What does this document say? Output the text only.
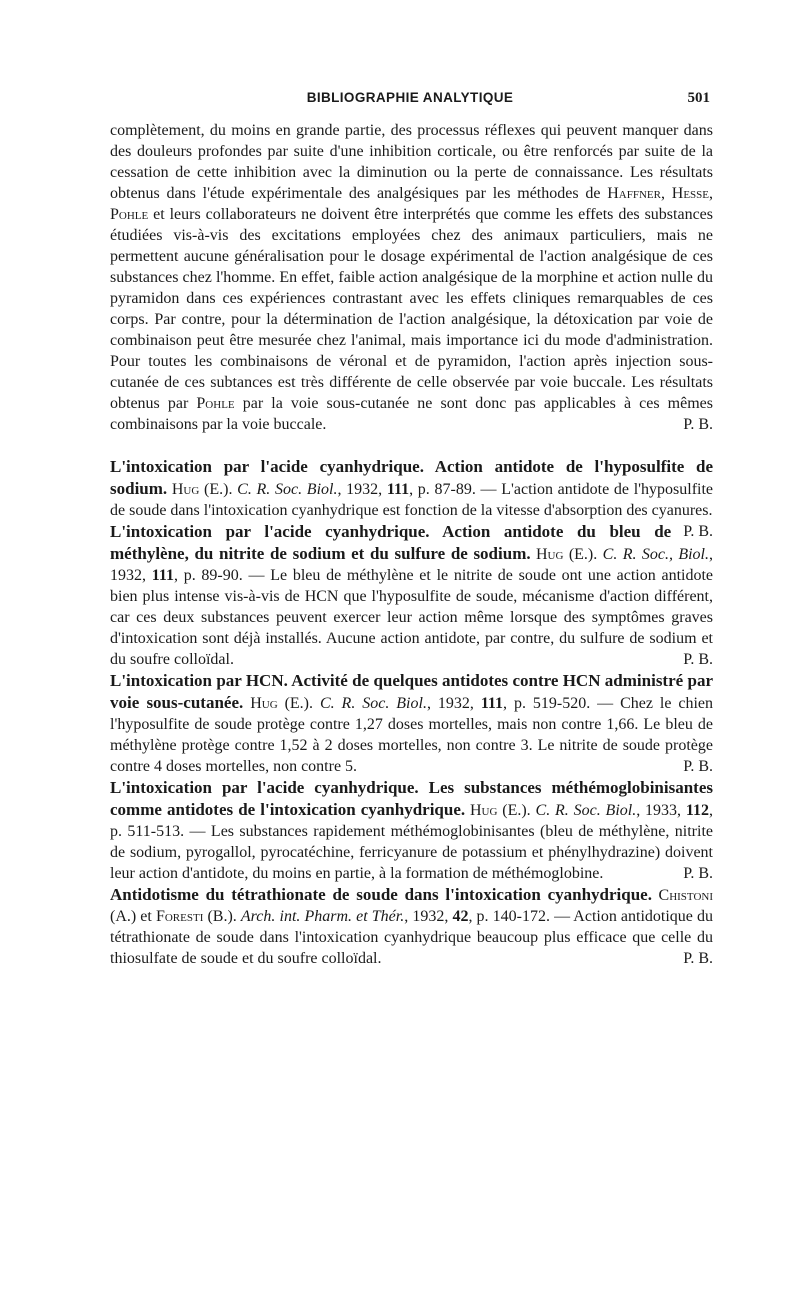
BIBLIOGRAPHIE ANALYTIQUE	501

complètement, du moins en grande partie, des processus réflexes qui peuvent manquer dans des douleurs profondes par suite d'une inhibition corticale, ou être renforcés par suite de la cessation de cette inhibition avec la diminution ou la perte de connaissance. Les résultats obtenus dans l'étude expérimentale des analgésiques par les méthodes de Haffner, Hesse, Pohle et leurs collaborateurs ne doivent être interprétés que comme les effets des substances étudiées vis-à-vis des excitations employées chez des animaux particuliers, mais ne permettent aucune généralisation pour le dosage expérimental de l'action analgésique de ces substances chez l'homme. En effet, faible action analgésique de la morphine et action nulle du pyramidon dans ces expériences contrastant avec les effets cliniques remarquables de ces corps. Par contre, pour la détermination de l'action analgésique, la détoxication par voie de combinaison peut être mesurée chez l'animal, mais importance ici du mode d'administration. Pour toutes les combinaisons de véronal et de pyramidon, l'action après injection sous-cutanée de ces subtances est très différente de celle observée par voie buccale. Les résultats obtenus par Pohle par la voie sous-cutanée ne sont donc pas applicables à ces mêmes combinaisons par la voie buccale.	P. B.

L'intoxication par l'acide cyanhydrique. Action antidote de l'hyposulfite de sodium. Hug (E.). C. R. Soc. Biol., 1932, 111, p. 87-89. — L'action antidote de l'hyposulfite de soude dans l'intoxication cyanhydrique est fonction de la vitesse d'absorption des cyanures.
P. B.

L'intoxication par l'acide cyanhydrique. Action antidote du bleu de méthylène, du nitrite de sodium et du sulfure de sodium. Hug (E.). C. R. Soc., Biol., 1932, 111, p. 89-90. — Le bleu de méthylène et le nitrite de soude ont une action antidote bien plus intense vis-à-vis de HCN que l'hyposulfite de soude, mécanisme d'action différent, car ces deux substances peuvent exercer leur action même lorsque des symptômes graves d'intoxication sont déjà installés. Aucune action antidote, par contre, du sulfure de sodium et du soufre colloïdal.	P. B.

L'intoxication par HCN. Activité de quelques antidotes contre HCN administré par voie sous-cutanée. Hug (E.). C. R. Soc. Biol., 1932, 111, p. 519-520. — Chez le chien l'hyposulfite de soude protège contre 1,27 doses mortelles, mais non contre 1,66. Le bleu de méthylène protège contre 1,52 à 2 doses mortelles, non contre 3. Le nitrite de soude protège contre 4 doses mortelles, non contre 5.	P. B.

L'intoxication par l'acide cyanhydrique. Les substances méthémoglobinisantes comme antidotes de l'intoxication cyanhydrique. Hug (E.). C. R. Soc. Biol., 1933, 112, p. 511-513. — Les substances rapidement méthémoglobinisantes (bleu de méthylène, nitrite de sodium, pyrogallol, pyrocatéchine, ferricyanure de potassium et phénylhydrazine) doivent leur action d'antidote, du moins en partie, à la formation de méthémoglobine.	P. B.

Antidotisme du tétrathionate de soude dans l'intoxication cyanhydrique. Chistoni (A.) et Foresti (B.). Arch. int. Pharm. et Thér., 1932, 42, p. 140-172. — Action antidotique du tétrathionate de soude dans l'intoxication cyanhydrique beaucoup plus efficace que celle du thiosulfate de soude et du soufre colloïdal.	P. B.
